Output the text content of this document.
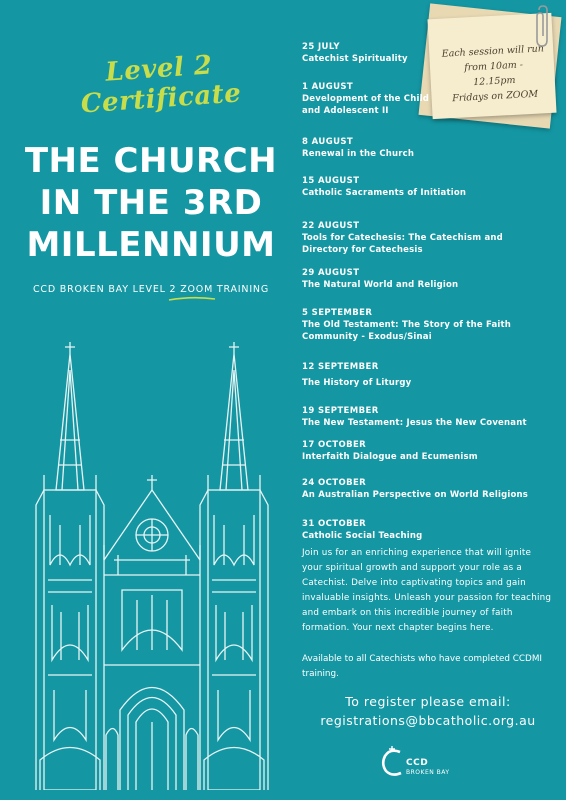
Level 2 Certificate
THE CHURCH
IN THE 3RD
MILLENNIUM
CCD BROKEN BAY LEVEL 2 ZOOM TRAINING
Each session will run
from 10am - 12.15pm
Fridays on ZOOM
25 JULY
Catechist Spirituality
1 AUGUST
Development of the Child
and Adolescent II
8 AUGUST
Renewal in the Church
15 AUGUST
Catholic Sacraments of Initiation
22 AUGUST
Tools for Catechesis: The Catechism and
Directory for Catechesis
29 AUGUST
The Natural World and Religion
5 SEPTEMBER
The Old Testament: The Story of the Faith
Community - Exodus/Sinai
12 SEPTEMBER
The History of Liturgy
19 SEPTEMBER
The New Testament: Jesus the New Covenant
17 OCTOBER
Interfaith Dialogue and Ecumenism
24 OCTOBER
An Australian Perspective on World Religions
31 OCTOBER
Catholic Social Teaching
Join us for an enriching experience that will ignite your spiritual growth and support your role as a Catechist. Delve into captivating topics and gain invaluable insights. Unleash your passion for teaching and embark on this incredible journey of faith formation. Your next chapter begins here.
Available to all Catechists who have completed CCDMI training.
To register please email:
registrations@bbcatholic.org.au
CCD
BROKEN BAY
